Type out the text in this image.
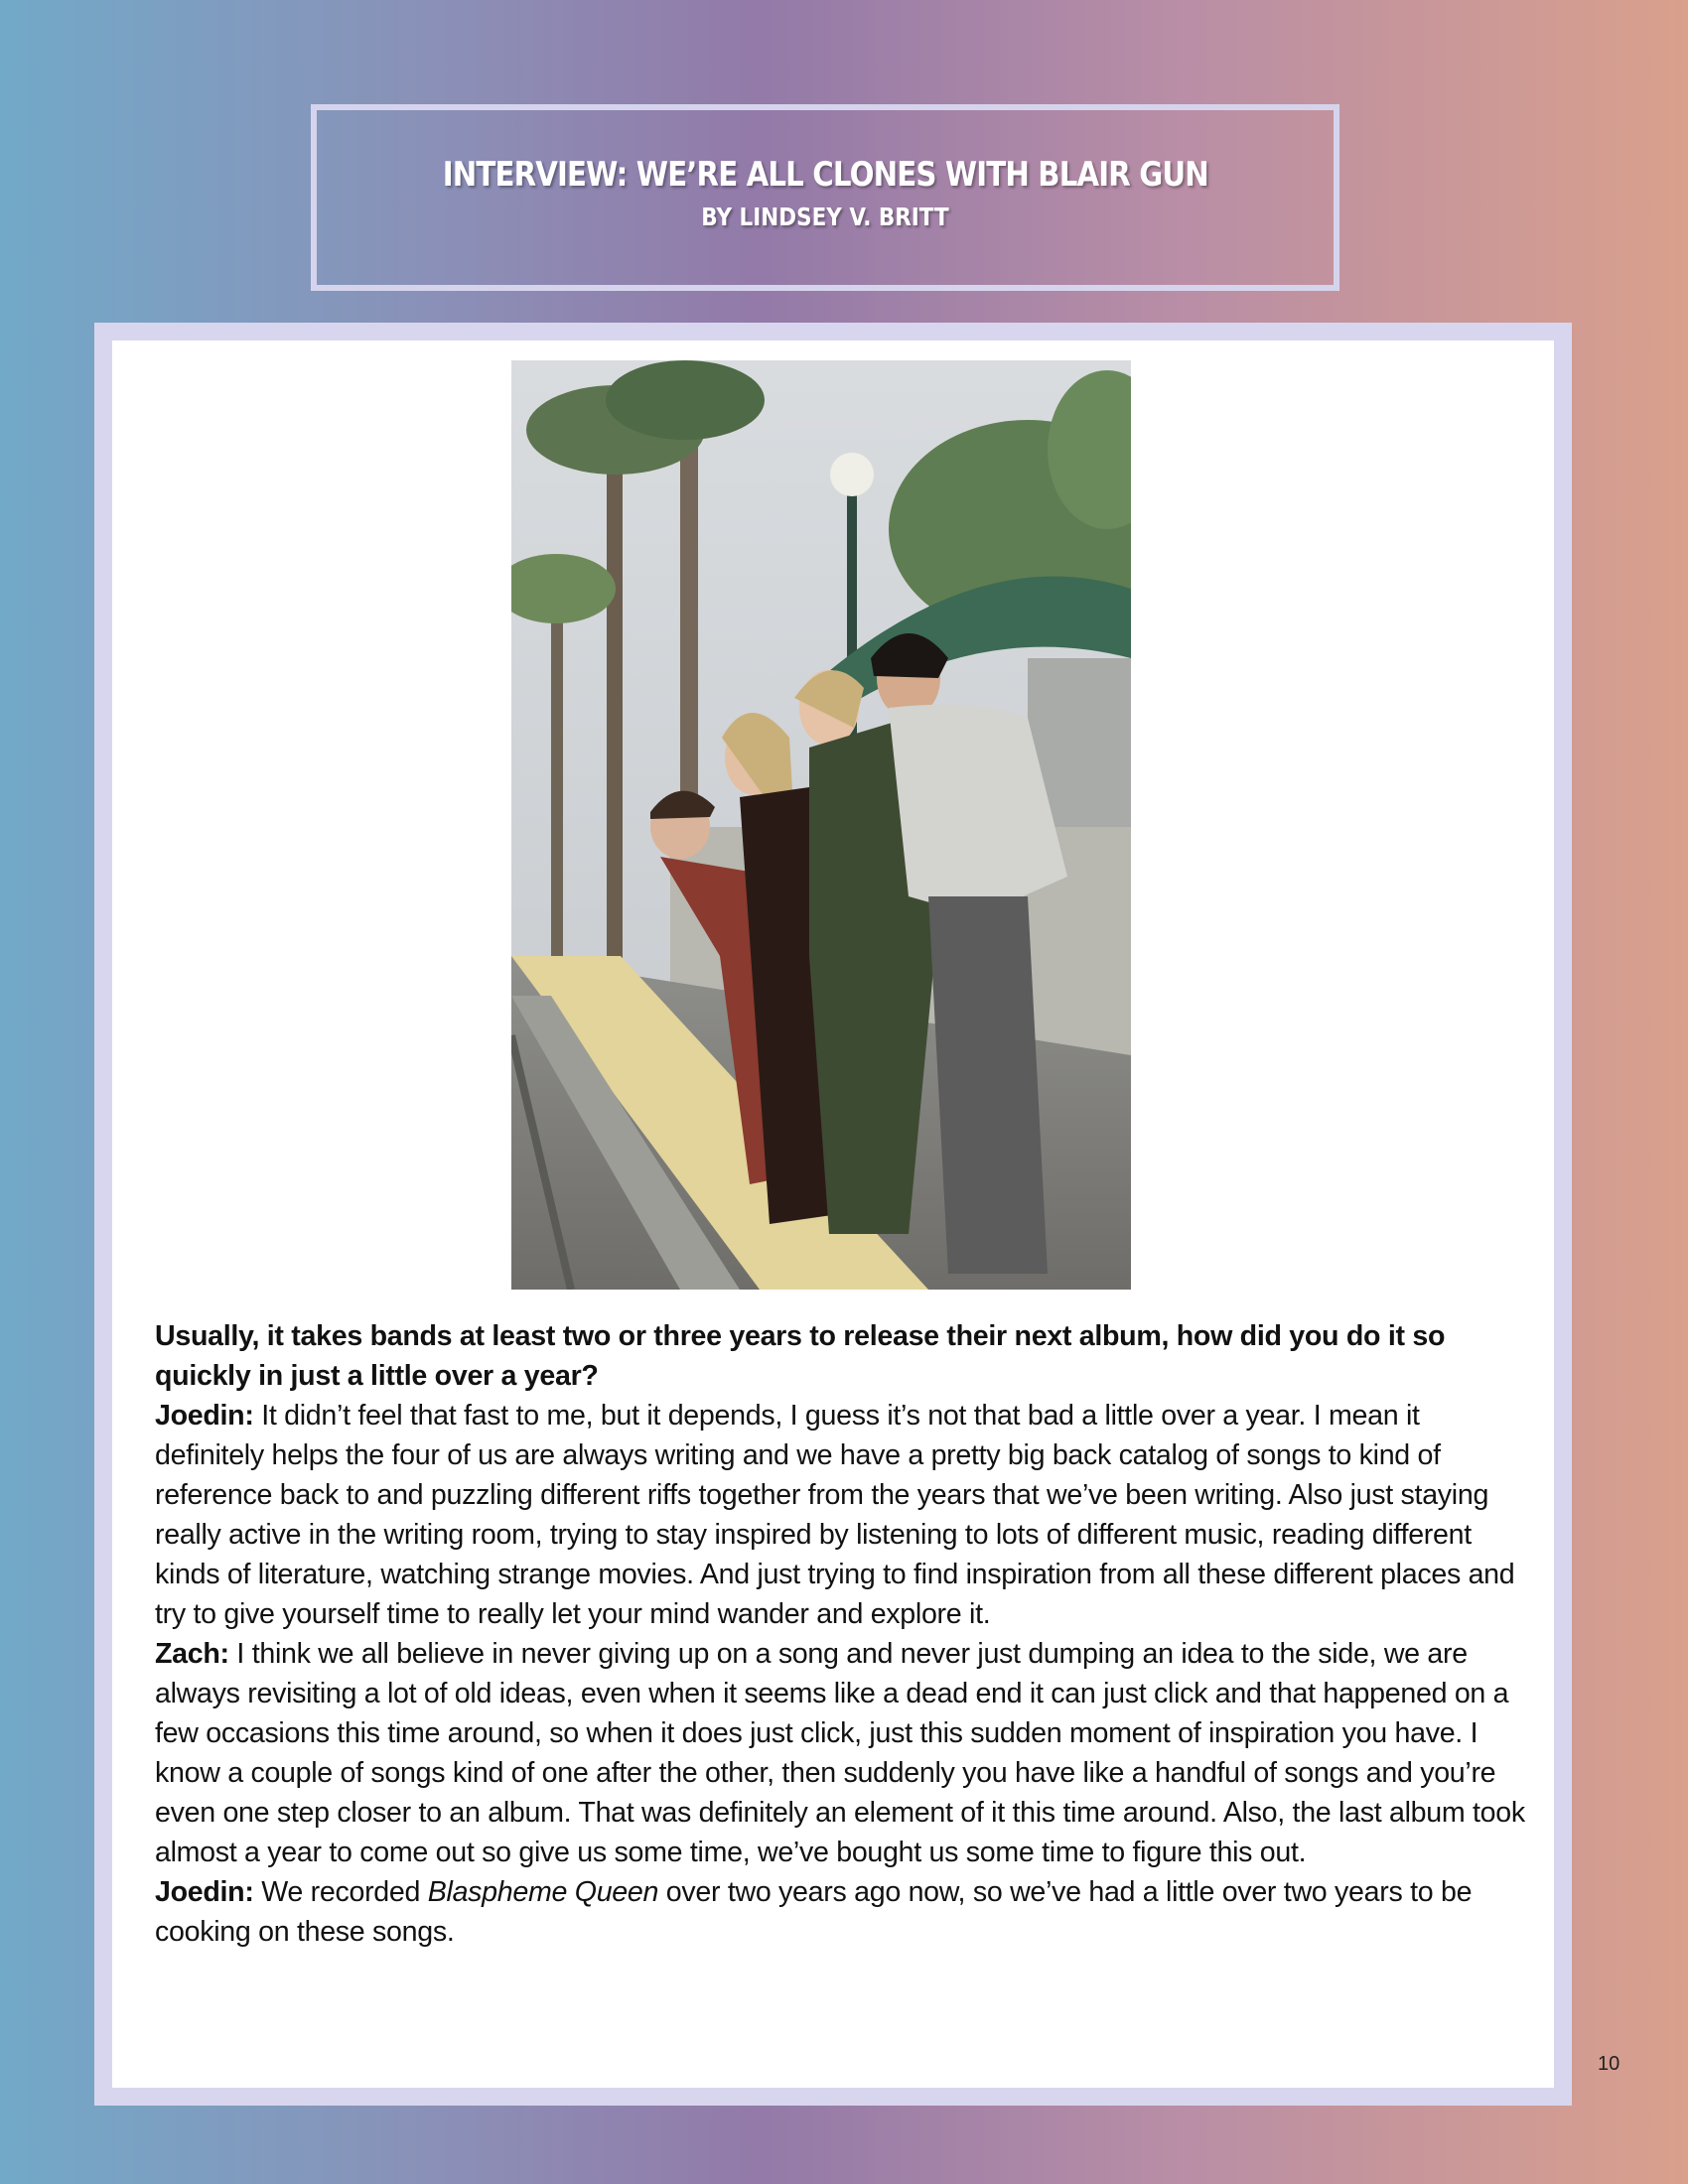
INTERVIEW: WE’RE ALL CLONES WITH BLAIR GUN
BY LINDSEY V. BRITT

Usually, it takes bands at least two or three years to release their next album, how did you do it so quickly in just a little over a year?

Joedin: It didn’t feel that fast to me, but it depends, I guess it’s not that bad a little over a year. I mean it definitely helps the four of us are always writing and we have a pretty big back catalog of songs to kind of reference back to and puzzling different riffs together from the years that we’ve been writing. Also just staying really active in the writing room, trying to stay inspired by listening to lots of different music, reading different kinds of literature, watching strange movies. And just trying to find inspiration from all these different places and try to give yourself time to really let your mind wander and explore it.

Zach: I think we all believe in never giving up on a song and never just dumping an idea to the side, we are always revisiting a lot of old ideas, even when it seems like a dead end it can just click and that happened on a few occasions this time around, so when it does just click, just this sudden moment of inspiration you have. I know a couple of songs kind of one after the other, then suddenly you have like a handful of songs and you’re even one step closer to an album. That was definitely an element of it this time around. Also, the last album took almost a year to come out so give us some time, we’ve bought us some time to figure this out.

Joedin: We recorded Blaspheme Queen over two years ago now, so we’ve had a little over two years to be cooking on these songs.

10
